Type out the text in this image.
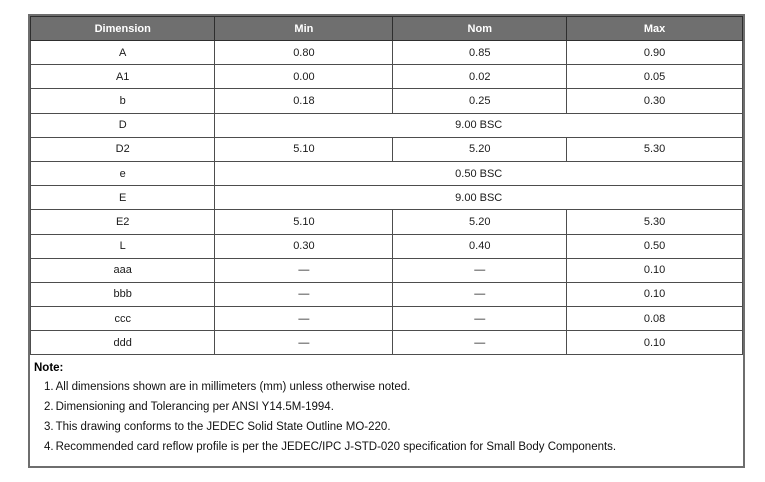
Dimension	Min	Nom	Max
A	0.80	0.85	0.90
A1	0.00	0.02	0.05
b	0.18	0.25	0.30
D	9.00 BSC		
D2	5.10	5.20	5.30
e	0.50 BSC		
E	9.00 BSC		
E2	5.10	5.20	5.30
L	0.30	0.40	0.50
aaa	—	—	0.10
bbb	—	—	0.10
ccc	—	—	0.08
ddd	—	—	0.10
Note:
1. All dimensions shown are in millimeters (mm) unless otherwise noted.
2. Dimensioning and Tolerancing per ANSI Y14.5M-1994.
3. This drawing conforms to the JEDEC Solid State Outline MO-220.
4. Recommended card reflow profile is per the JEDEC/IPC J-STD-020 specification for Small Body Components.
